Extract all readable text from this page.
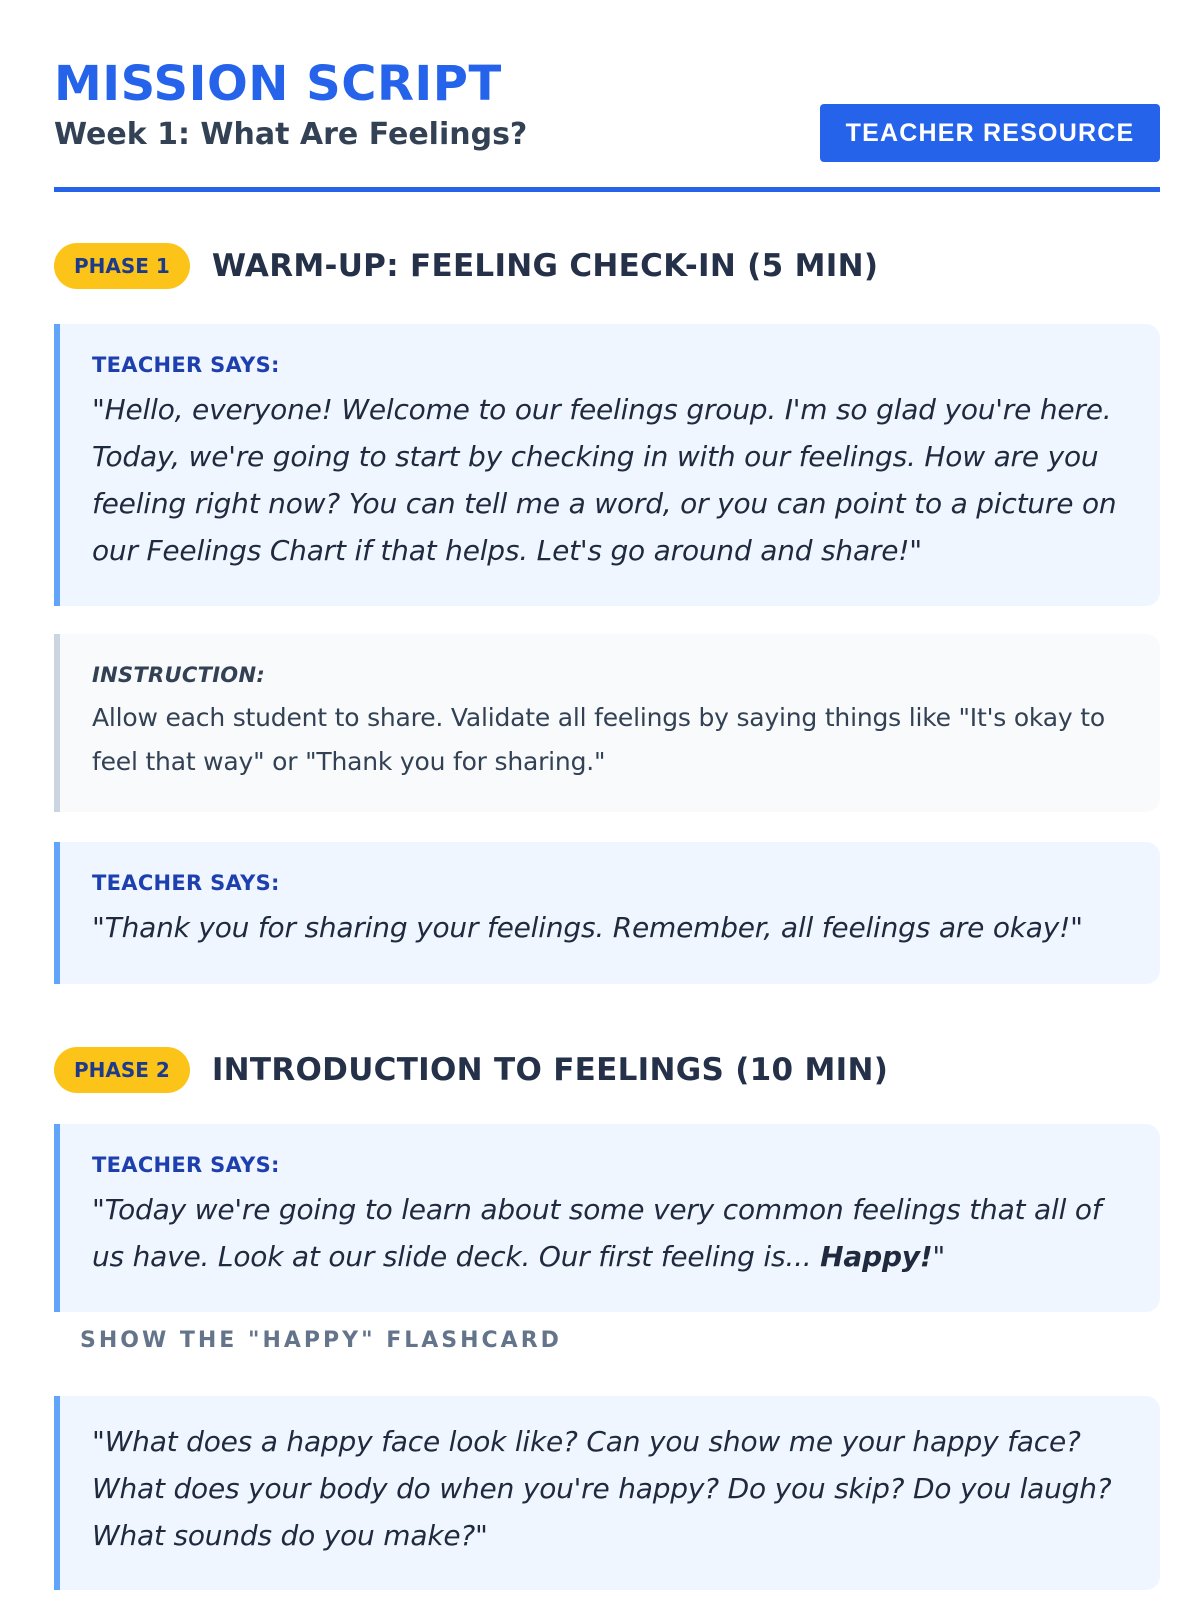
MISSION SCRIPT
Week 1: What Are Feelings?	TEACHER RESOURCE
PHASE 1	WARM-UP: FEELING CHECK-IN (5 MIN)
TEACHER SAYS:
"Hello, everyone! Welcome to our feelings group. I'm so glad you're here. Today, we're going to start by checking in with our feelings. How are you feeling right now? You can tell me a word, or you can point to a picture on our Feelings Chart if that helps. Let's go around and share!"
INSTRUCTION:
Allow each student to share. Validate all feelings by saying things like "It's okay to feel that way" or "Thank you for sharing."
TEACHER SAYS:
"Thank you for sharing your feelings. Remember, all feelings are okay!"
PHASE 2	INTRODUCTION TO FEELINGS (10 MIN)
TEACHER SAYS:
"Today we're going to learn about some very common feelings that all of us have. Look at our slide deck. Our first feeling is... Happy!"
SHOW THE "HAPPY" FLASHCARD
"What does a happy face look like? Can you show me your happy face? What does your body do when you're happy? Do you skip? Do you laugh? What sounds do you make?"
